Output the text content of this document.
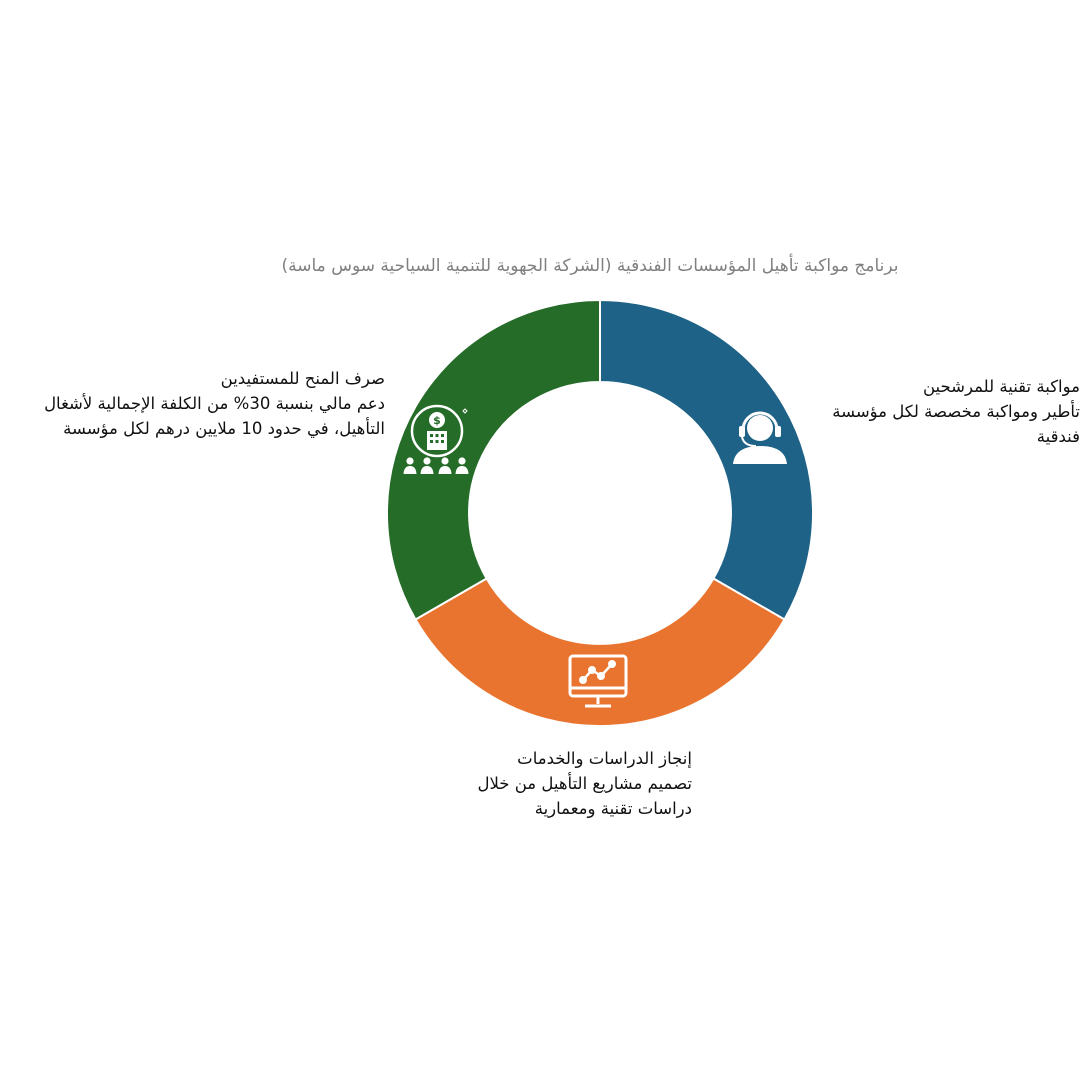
برنامج مواكبة تأهيل المؤسسات الفندقية (الشركة الجهوية للتنمية السياحية سوس ماسة)
$
مواكبة تقنية للمرشحين
تأطير ومواكبة مخصصة لكل مؤسسة فندقية
إنجاز الدراسات والخدمات
تصميم مشاريع التأهيل من خلال دراسات تقنية ومعمارية
صرف المنح للمستفيدين
دعم مالي بنسبة 30% من الكلفة الإجمالية لأشغال التأهيل، في حدود 10 ملايين درهم لكل مؤسسة
